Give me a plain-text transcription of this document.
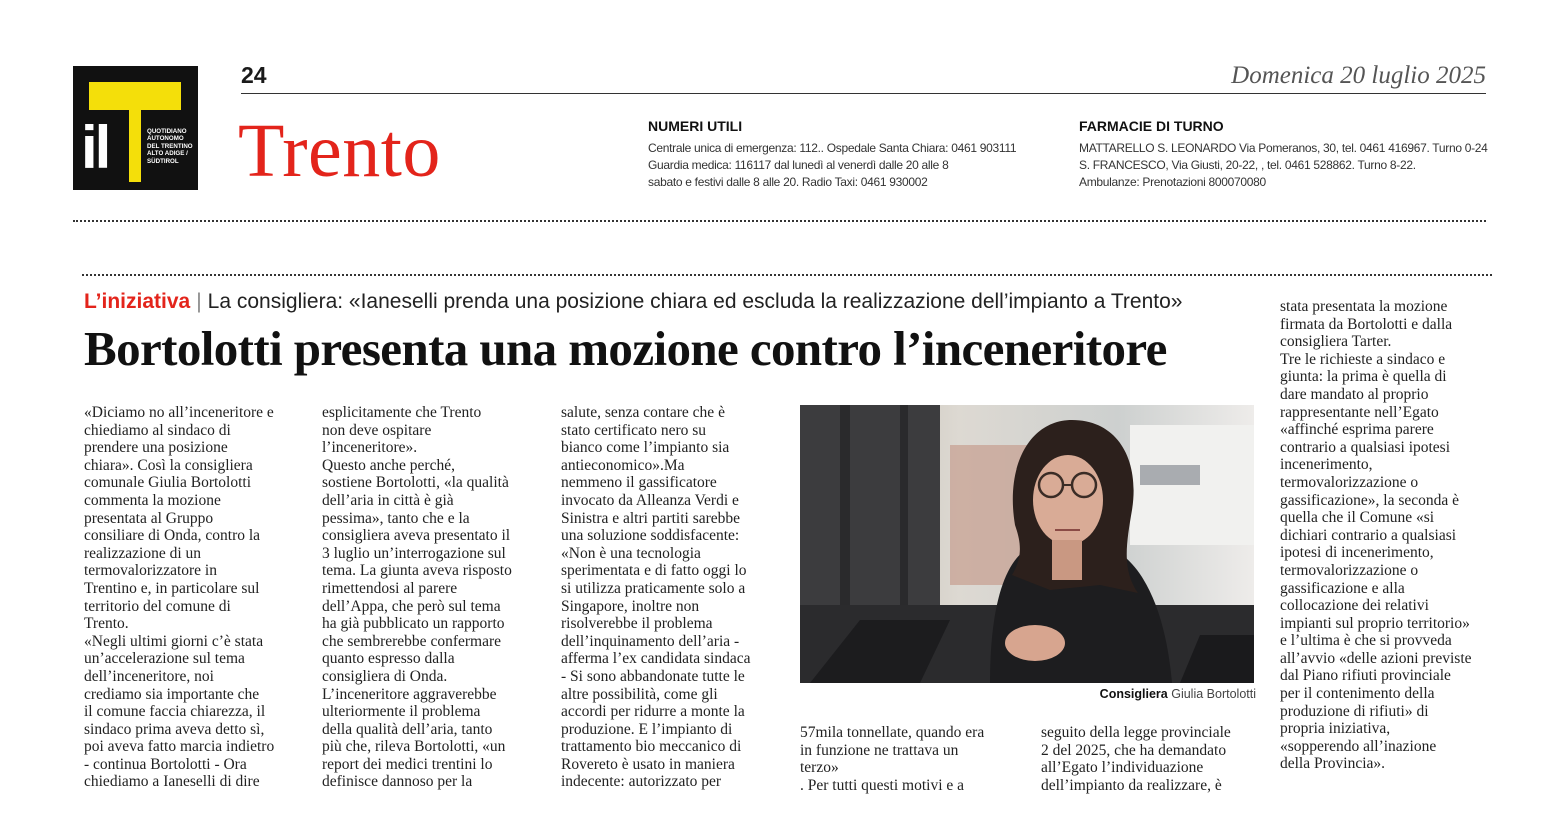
il	QUOTIDIANO
AUTONOMO
DEL TRENTINO
ALTO ADIGE /
SÜDTIROL
24	Domenica 20 luglio 2025
Trento	NUMERI UTILI
Centrale unica di emergenza: 112.. Ospedale Santa Chiara: 0461 903111
Guardia medica: 116117 dal lunedì al venerdì dalle 20 alle 8
sabato e festivi dalle 8 alle 20. Radio Taxi: 0461 930002
FARMACIE DI TURNO
MATTARELLO S. LEONARDO Via Pomeranos, 30, tel. 0461 416967. Turno 0-24
S. FRANCESCO, Via Giusti, 20-22, , tel. 0461 528862. Turno 8-22.
Ambulanze: Prenotazioni 800070080
L’iniziativa | La consigliera: «Ianeselli prenda una posizione chiara ed escluda la realizzazione dell’impianto a Trento»
Bortolotti presenta una mozione contro l’inceneritore
«Diciamo no all’inceneritore e
chiediamo al sindaco di
prendere una posizione
chiara». Così la consigliera
comunale Giulia Bortolotti
commenta la mozione
presentata al Gruppo
consiliare di Onda, contro la
realizzazione di un
termovalorizzatore in
Trentino e, in particolare sul
territorio del comune di
Trento.
«Negli ultimi giorni c’è stata
un’accelerazione sul tema
dell’inceneritore, noi
crediamo sia importante che
il comune faccia chiarezza, il
sindaco prima aveva detto sì,
poi aveva fatto marcia indietro
- continua Bortolotti - Ora
chiediamo a Ianeselli di dire
esplicitamente che Trento
non deve ospitare
l’inceneritore».
Questo anche perché,
sostiene Bortolotti, «la qualità
dell’aria in città è già
pessima», tanto che e la
consigliera aveva presentato il
3 luglio un’interrogazione sul
tema. La giunta aveva risposto
rimettendosi al parere
dell’Appa, che però sul tema
ha già pubblicato un rapporto
che sembrerebbe confermare
quanto espresso dalla
consigliera di Onda.
L’inceneritore aggraverebbe
ulteriormente il problema
della qualità dell’aria, tanto
più che, rileva Bortolotti, «un
report dei medici trentini lo
definisce dannoso per la
salute, senza contare che è
stato certificato nero su
bianco come l’impianto sia
antieconomico».Ma
nemmeno il gassificatore
invocato da Alleanza Verdi e
Sinistra e altri partiti sarebbe
una soluzione soddisfacente:
«Non è una tecnologia
sperimentata e di fatto oggi lo
si utilizza praticamente solo a
Singapore, inoltre non
risolverebbe il problema
dell’inquinamento dell’aria -
afferma l’ex candidata sindaca
- Si sono abbandonate tutte le
altre possibilità, come gli
accordi per ridurre a monte la
produzione. E l’impianto di
trattamento bio meccanico di
Rovereto è usato in maniera
indecente: autorizzato per
Consigliera Giulia Bortolotti
57mila tonnellate, quando era
in funzione ne trattava un
terzo»
. Per tutti questi motivi e a
seguito della legge provinciale
2 del 2025, che ha demandato
all’Egato l’individuazione
dell’impianto da realizzare, è
stata presentata la mozione
firmata da Bortolotti e dalla
consigliera Tarter.
Tre le richieste a sindaco e
giunta: la prima è quella di
dare mandato al proprio
rappresentante nell’Egato
«affinché esprima parere
contrario a qualsiasi ipotesi
incenerimento,
termovalorizzazione o
gassificazione», la seconda è
quella che il Comune «si
dichiari contrario a qualsiasi
ipotesi di incenerimento,
termovalorizzazione o
gassificazione e alla
collocazione dei relativi
impianti sul proprio territorio»
e l’ultima è che si provveda
all’avvio «delle azioni previste
dal Piano rifiuti provinciale
per il contenimento della
produzione di rifiuti» di
propria iniziativa,
«sopperendo all’inazione
della Provincia».
